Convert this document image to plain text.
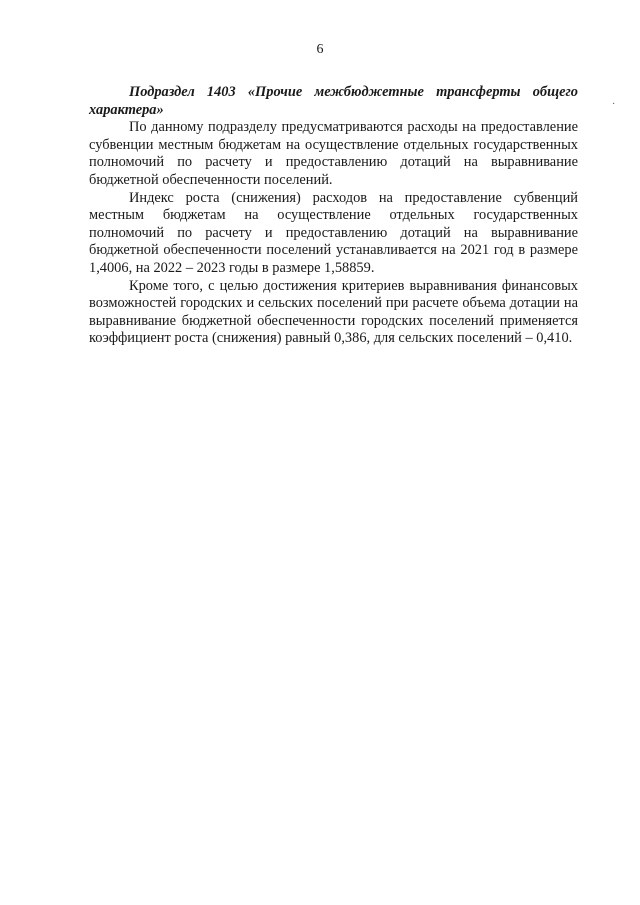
6

Подраздел 1403 «Прочие межбюджетные трансферты общего характера»

По данному подразделу предусматриваются расходы на предоставление субвенции местным бюджетам на осуществление отдельных государственных полномочий по расчету и предоставлению дотаций на выравнивание бюджетной обеспеченности поселений.

Индекс роста (снижения) расходов на предоставление субвенций местным бюджетам на осуществление отдельных государственных полномочий по расчету и предоставлению дотаций на выравнивание бюджетной обеспеченности поселений устанавливается на 2021 год в размере 1,4006, на 2022 – 2023 годы в размере 1,58859.

Кроме того, с целью достижения критериев выравнивания финансовых возможностей городских и сельских поселений при расчете объема дотации на выравнивание бюджетной обеспеченности городских поселений применяется коэффициент роста (снижения) равный 0,386, для сельских поселений – 0,410.

·
